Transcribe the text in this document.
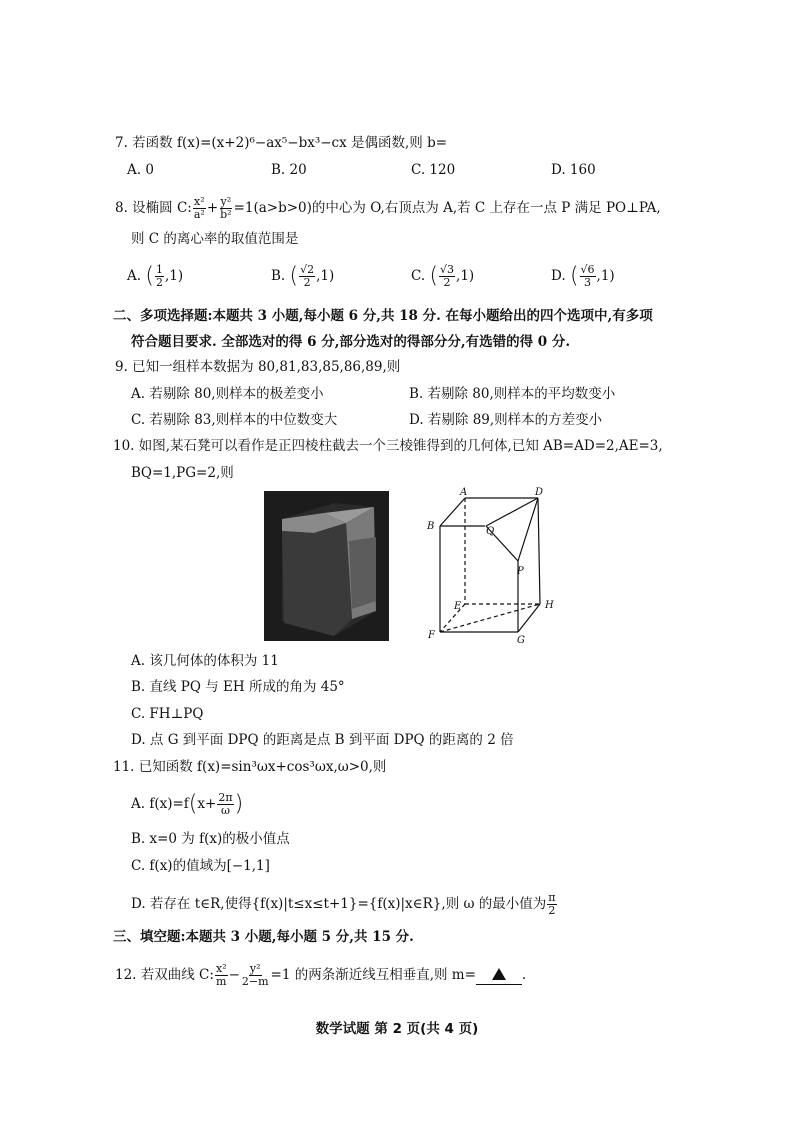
7. 若函数 f(x)=(x+2)⁶−ax⁵−bx³−cx 是偶函数,则 b=
A. 0	B. 20	C. 120	D. 160
8. 设椭圆 C: $\frac{\text{x²}}{\text{a²}} + \frac{\text{y²}}{\text{b²}} =1(a>b>0)$的中心为 O,右顶点为 A,若 C 上存在一点 P 满足 PO⊥PA,
则 C 的离心率的取值范围是
A. ( $\frac{1}{2} ,1$)	B. ( $\frac{√2}{2} ,1$)	C. ( $\frac{√3}{2} ,1$)	D. ( $\frac{√6}{3} ,1$)
二、多项选择题:本题共 3 小题,每小题 6 分,共 18 分. 在每小题给出的四个选项中,有多项
符合题目要求. 全部选对的得 6 分,部分选对的得部分分,有选错的得 0 分.
9. 已知一组样本数据为 80,81,83,85,86,89,则
A. 若剔除 80,则样本的极差变小	B. 若剔除 80,则样本的平均数变小
C. 若剔除 83,则样本的中位数变大	D. 若剔除 89,则样本的方差变小
10. 如图,某石凳可以看作是正四棱柱截去一个三棱锥得到的几何体,已知 AB=AD=2,AE=3,
BQ=1,PG=2,则
A	D
B	Q
P
E	H
F	G
A. 该几何体的体积为 11
B. 直线 PQ 与 EH 所成的角为 45°
C. FH⊥PQ
D. 点 G 到平面 DPQ 的距离是点 B 到平面 DPQ 的距离的 2 倍
11. 已知函数 f(x)=sin³ωx+cos³ωx,ω>0,则
A. $f(x)=f(x+ \frac{2\pi}{\omega}$ )
B. x=0 为 f(x)的极小值点
C. f(x)的值域为[−1,1]
D. 若存在 t∈R,使得{f(x)|t≤x≤t+1}={f(x)|x∈R},则 ω 的最小值为 $\frac{\pi}{2}$
三、填空题:本题共 3 小题,每小题 5 分,共 15 分.
12. 若双曲线 C: $\frac{\text{x²}}{m} - \frac{\text{y²}}{2-m} =1$ 的两条渐近线互相垂直,则 m=	.
数学试题 第 2 页(共 4 页)
